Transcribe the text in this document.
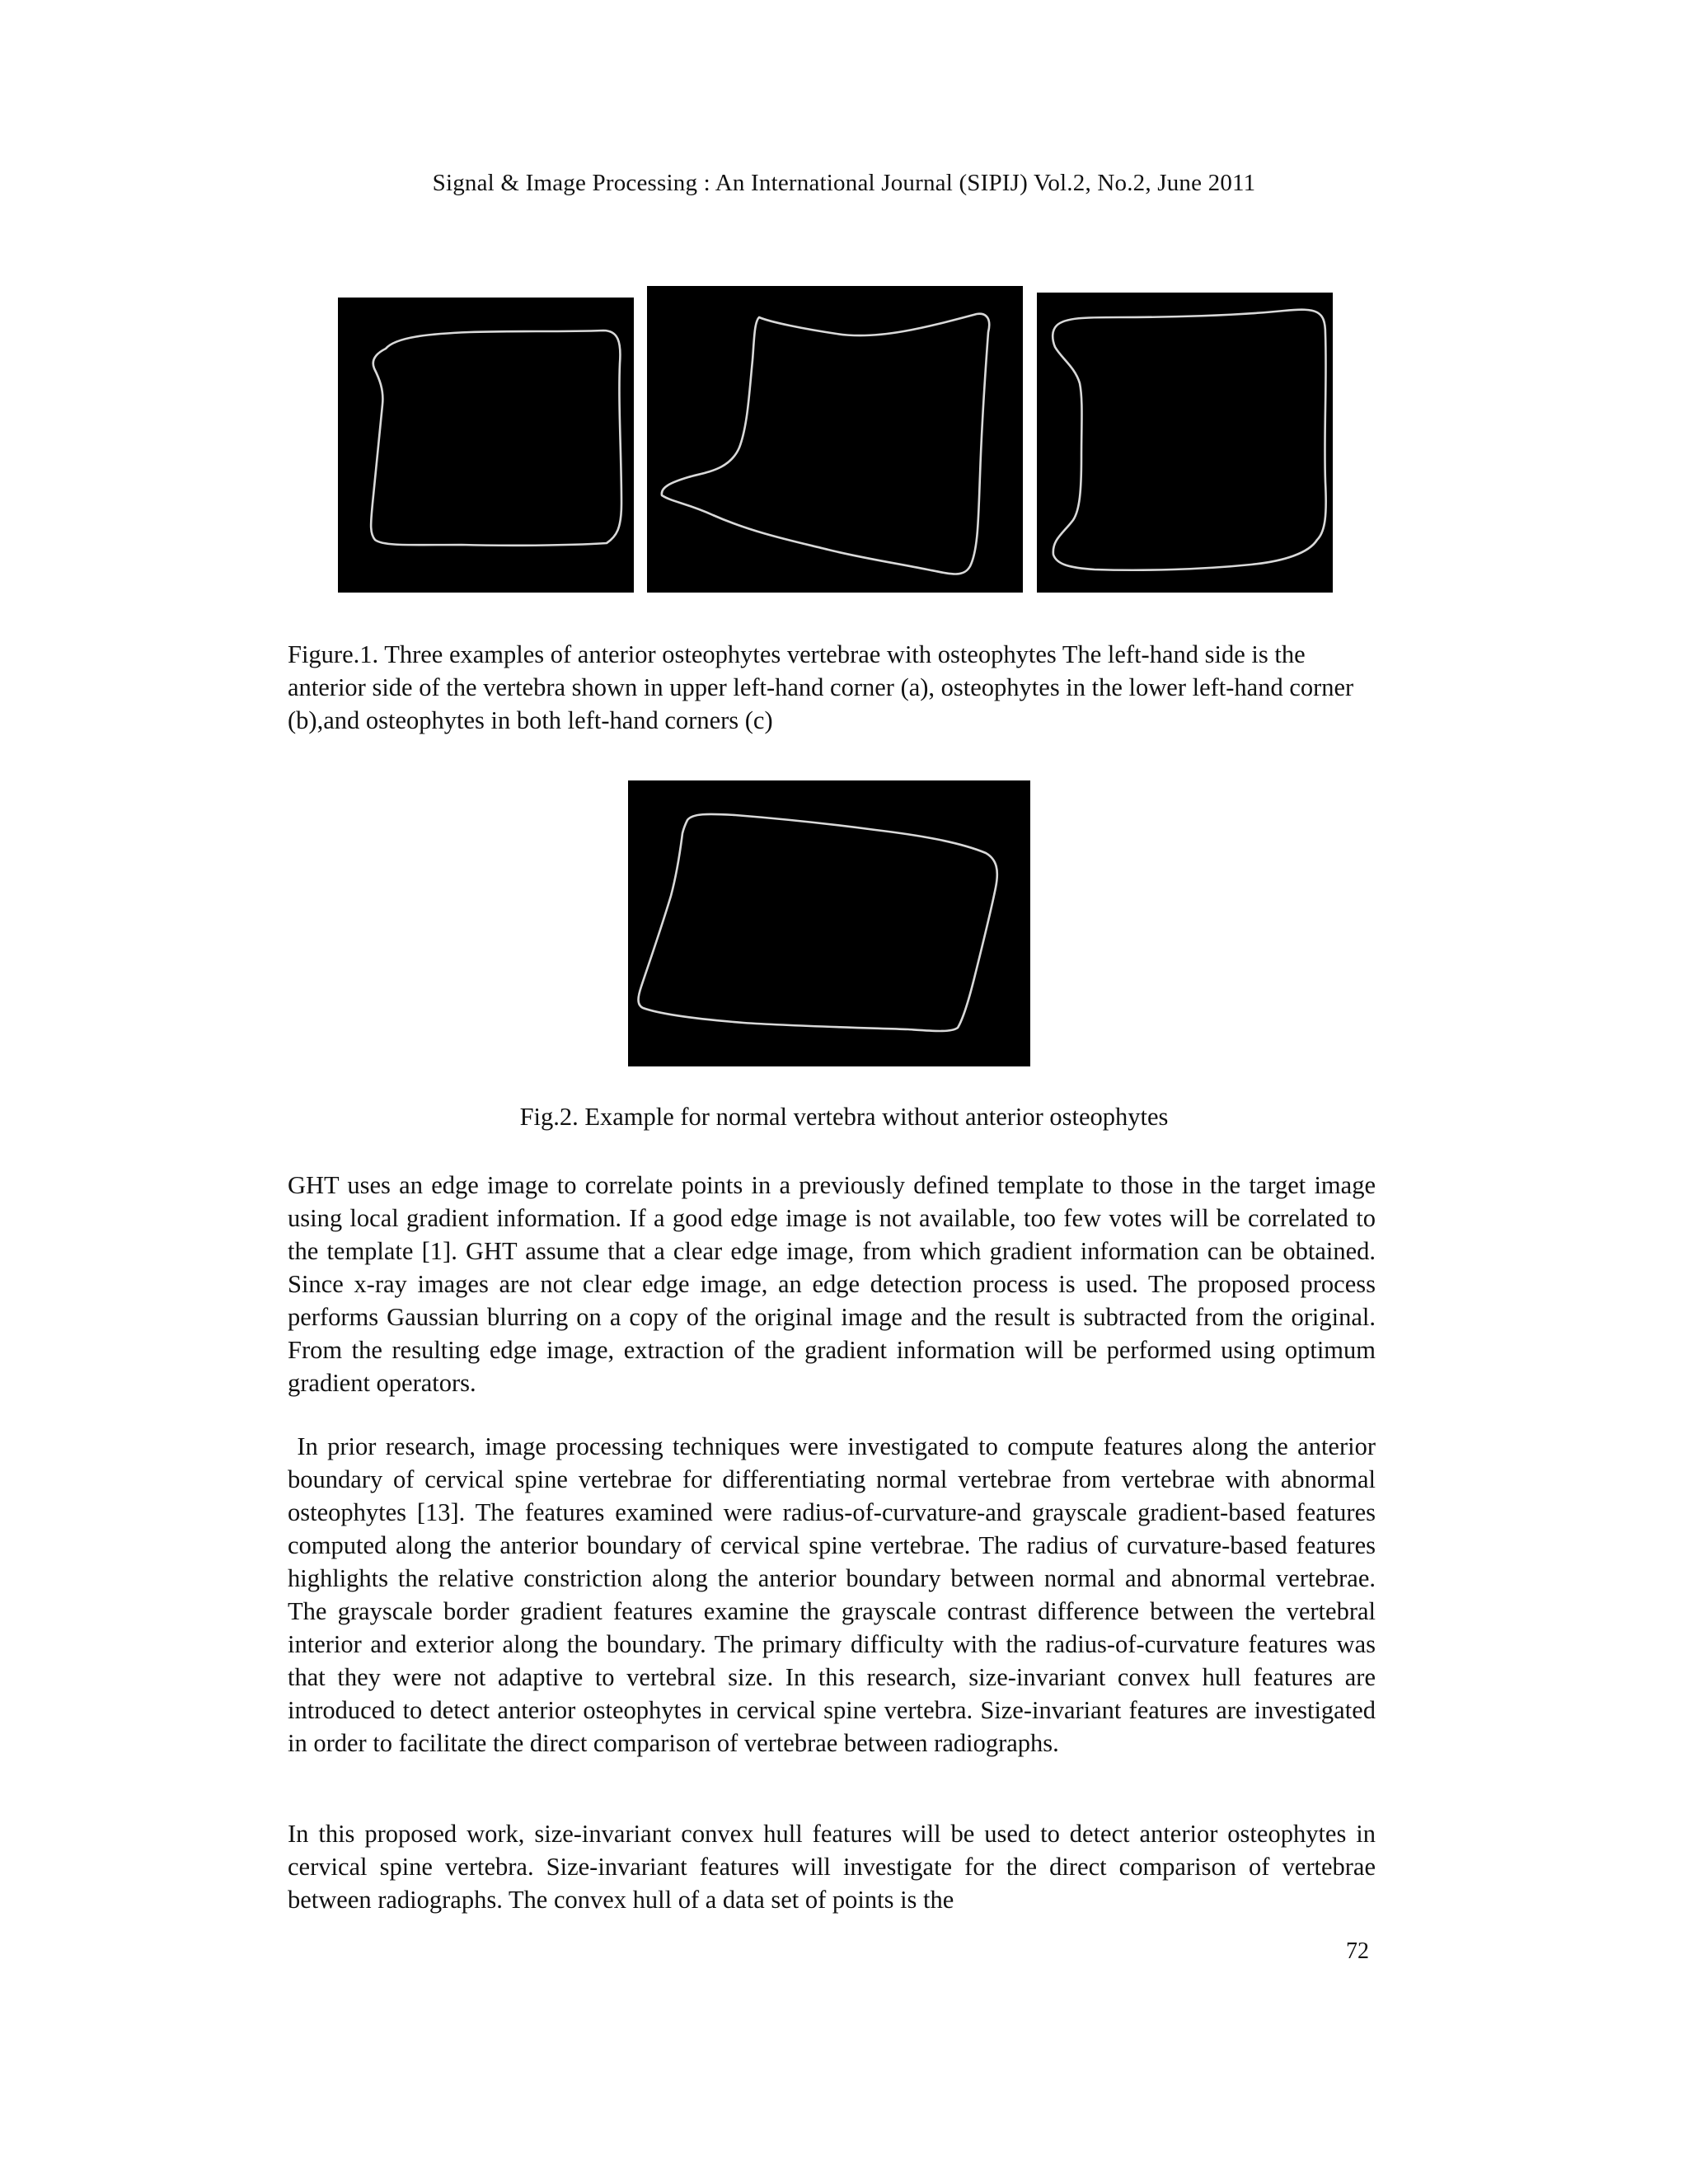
Signal & Image Processing : An International Journal (SIPIJ) Vol.2, No.2, June 2011
Figure.1. Three examples of anterior osteophytes vertebrae with osteophytes The left-hand side is the anterior side of the vertebra shown in upper left-hand corner (a), osteophytes in the lower left-hand corner (b),and osteophytes in both left-hand corners (c)
Fig.2. Example for normal vertebra without anterior osteophytes

GHT uses an edge image to correlate points in a previously defined template to those in the target image using local gradient information. If a good edge image is not available, too few votes will be correlated to the template [1]. GHT assume that a clear edge image, from which gradient information can be obtained. Since x-ray images are not clear edge image, an edge detection process is used. The proposed process performs Gaussian blurring on a copy of the original image and the result is subtracted from the original. From the resulting edge image, extraction of the gradient information will be performed using optimum gradient operators.

In prior research, image processing techniques were investigated to compute features along the anterior boundary of cervical spine vertebrae for differentiating normal vertebrae from vertebrae with abnormal osteophytes [13]. The features examined were radius-of-curvature-and grayscale gradient-based features computed along the anterior boundary of cervical spine vertebrae. The radius of curvature-based features highlights the relative constriction along the anterior boundary between normal and abnormal vertebrae. The grayscale border gradient features examine the grayscale contrast difference between the vertebral interior and exterior along the boundary. The primary difficulty with the radius-of-curvature features was that they were not adaptive to vertebral size. In this research, size-invariant convex hull features are introduced to detect anterior osteophytes in cervical spine vertebra. Size-invariant features are investigated in order to facilitate the direct comparison of vertebrae between radiographs.

In this proposed work, size-invariant convex hull features will be used to detect anterior osteophytes in cervical spine vertebra. Size-invariant features will investigate for the direct comparison of vertebrae between radiographs. The convex hull of a data set of points is the

72
